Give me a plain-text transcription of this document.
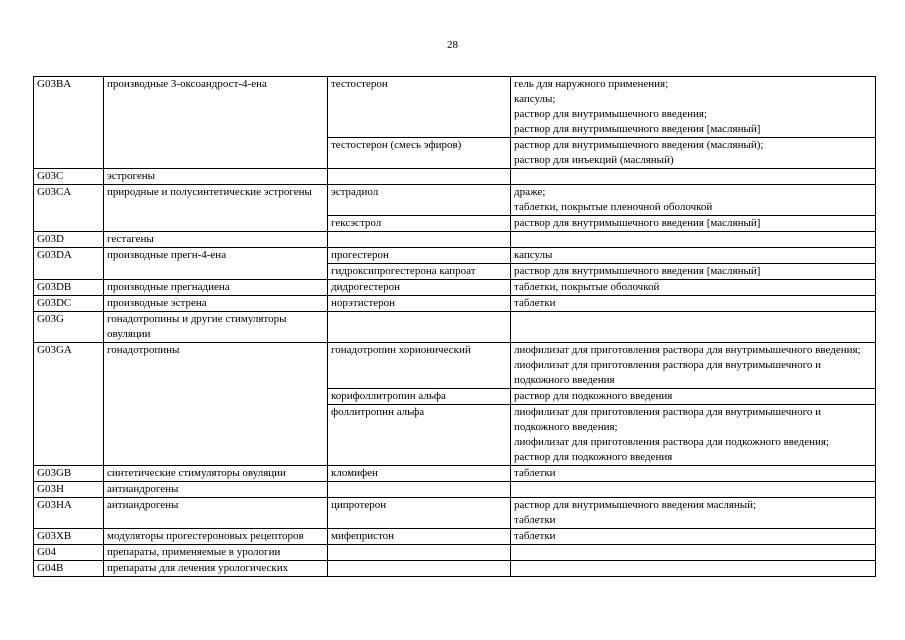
28
G03BA	производные 3-оксоандрост-4-ена	тестостерон	гель для наружного применения;
капсулы;
раствор для внутримышечного введения;
раствор для внутримышечного введения [масляный]

		тестостерон (смесь эфиров)	раствор для внутримышечного введения (масляный);
раствор для инъекций (масляный)

G03C	эстрогены		
G03CA	природные и полусинтетические эстрогены	эстрадиол	драже;
таблетки, покрытые пленочной оболочкой

		гексэстрол	раствор для внутримышечного введения [масляный]

G03D	гестагены		
G03DA	производные прегн-4-ена	прогестерон	капсулы

		гидроксипрогестерона капроат	раствор для внутримышечного введения [масляный]

G03DB	производные прегнадиена	дидрогестерон	таблетки, покрытые оболочкой

G03DC	производные эстрена	норэтистерон	таблетки

G03G	гонадотропины и другие стимуляторы овуляции		
G03GA	гонадотропины	гонадотропин хорионический	лиофилизат для приготовления раствора для внутримышечного введения;
лиофилизат для приготовления раствора для внутримышечного и подкожного введения

		корифоллитропин альфа	раствор для подкожного введения

		фоллитропин альфа	лиофилизат для приготовления раствора для внутримышечного и подкожного введения;
лиофилизат для приготовления раствора для подкожного введения;
раствор для подкожного введения

G03GB	синтетические стимуляторы овуляции	кломифен	таблетки

G03H	антиандрогены		
G03HA	антиандрогены	ципротерон	раствор для внутримышечного введения масляный;
таблетки

G03XB	модуляторы прогестероновых рецепторов	мифепристон	таблетки

G04	препараты, применяемые в урологии		
G04B	препараты для лечения урологических		
